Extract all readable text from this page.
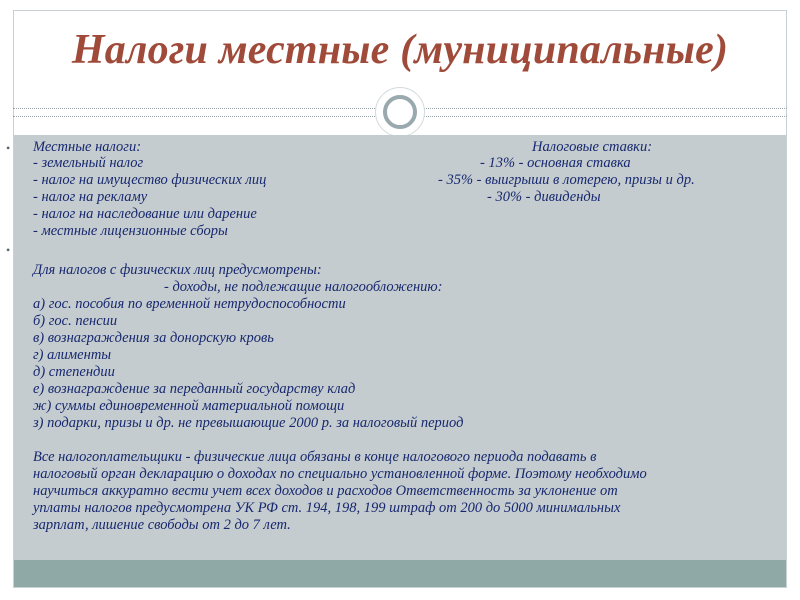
Налоги местные (муниципальные)
•
•
Местные налоги:
- земельный налог
- налог на имущество физических лиц
- налог на рекламу
- налог на наследование или дарение
- местные лицензионные сборы
Налоговые ставки:
- 13% - основная ставка
- 35% - выигрыши в лотерею, призы и др.
- 30% - дивиденды
Для налогов с физических лиц предусмотрены:
- доходы, не подлежащие налогообложению:
а) гос. пособия по временной нетрудоспособности
б) гос. пенсии
в) вознаграждения за донорскую кровь
г) алименты
д) степендии
е) вознаграждение за переданный государству клад
ж) суммы единовременной материальной помощи
з) подарки, призы и др. не превышающие 2000 р. за налоговый период
Все налогоплательщики - физические лица обязаны в конце налогового периода подавать в
налоговый орган декларацию о доходах по специально установленной форме. Поэтому необходимо
научиться аккуратно вести учет всех доходов и расходов Ответственность за уклонение от
уплаты налогов предусмотрена УК РФ ст. 194, 198, 199 штраф от 200 до 5000 минимальных
зарплат, лишение свободы от 2 до 7 лет.
